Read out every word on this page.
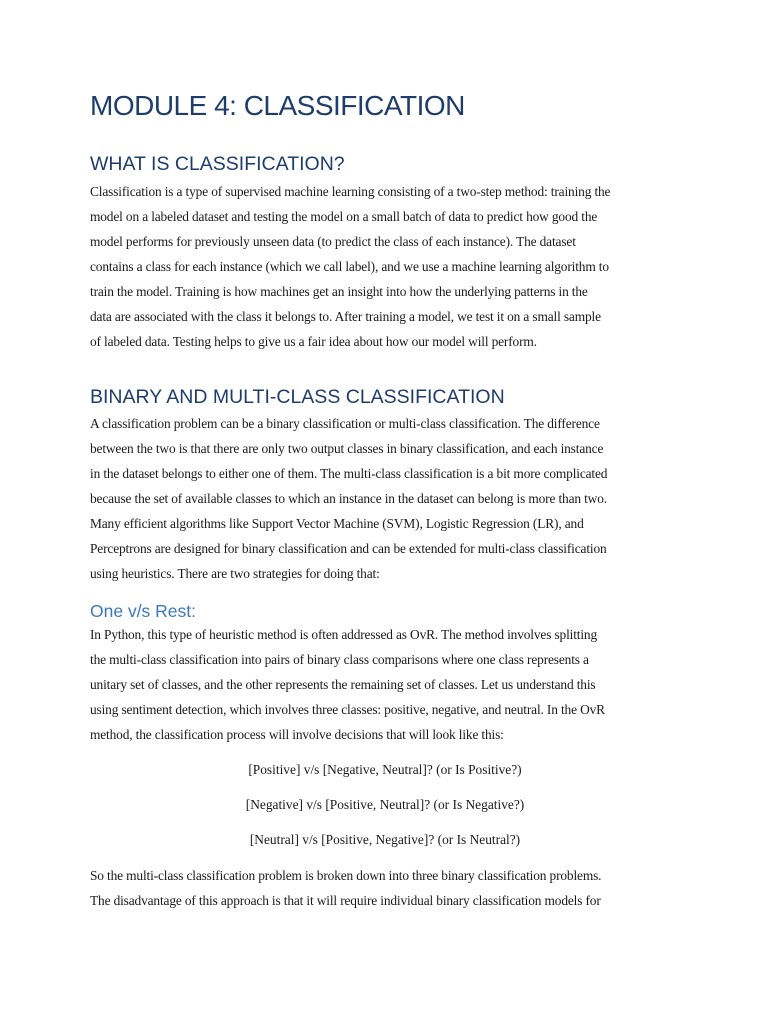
MODULE 4: CLASSIFICATION
WHAT IS CLASSIFICATION?
Classification is a type of supervised machine learning consisting of a two-step method: training the
model on a labeled dataset and testing the model on a small batch of data to predict how good the
model performs for previously unseen data (to predict the class of each instance). The dataset
contains a class for each instance (which we call label), and we use a machine learning algorithm to
train the model. Training is how machines get an insight into how the underlying patterns in the
data are associated with the class it belongs to. After training a model, we test it on a small sample
of labeled data. Testing helps to give us a fair idea about how our model will perform.
BINARY AND MULTI-CLASS CLASSIFICATION
A classification problem can be a binary classification or multi-class classification. The difference
between the two is that there are only two output classes in binary classification, and each instance
in the dataset belongs to either one of them. The multi-class classification is a bit more complicated
because the set of available classes to which an instance in the dataset can belong is more than two.
Many efficient algorithms like Support Vector Machine (SVM), Logistic Regression (LR), and
Perceptrons are designed for binary classification and can be extended for multi-class classification
using heuristics. There are two strategies for doing that:
One v/s Rest:
In Python, this type of heuristic method is often addressed as OvR. The method involves splitting
the multi-class classification into pairs of binary class comparisons where one class represents a
unitary set of classes, and the other represents the remaining set of classes. Let us understand this
using sentiment detection, which involves three classes: positive, negative, and neutral. In the OvR
method, the classification process will involve decisions that will look like this:
[Positive] v/s [Negative, Neutral]? (or Is Positive?)
[Negative] v/s [Positive, Neutral]? (or Is Negative?)
[Neutral] v/s [Positive, Negative]? (or Is Neutral?)
So the multi-class classification problem is broken down into three binary classification problems.
The disadvantage of this approach is that it will require individual binary classification models for
